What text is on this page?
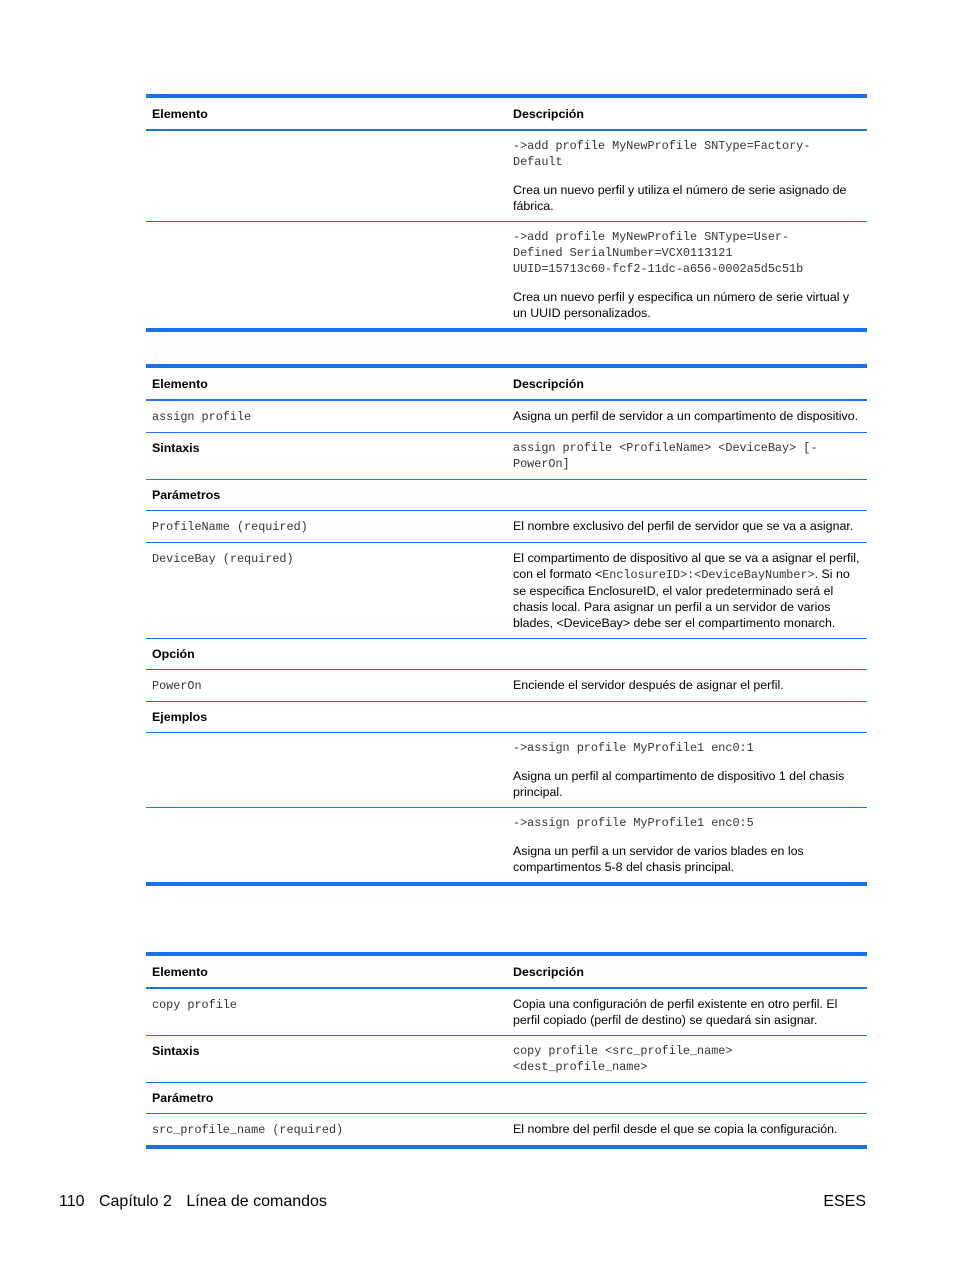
Elemento	Descripción

	->add profile MyNewProfile SNType=Factory-
Default
Crea un nuevo perfil y utiliza el número de serie asignado de fábrica.

	->add profile MyNewProfile SNType=User-
Defined SerialNumber=VCX0113121
UUID=15713c60-fcf2-11dc-a656-0002a5d5c51b
Crea un nuevo perfil y especifica un número de serie virtual y un UUID personalizados.
Elemento	Descripción
assign profile	Asigna un perfil de servidor a un compartimento de dispositivo.
Sintaxis	assign profile <ProfileName> <DeviceBay> [-
PowerOn]

Parámetros	
ProfileName (required)	El nombre exclusivo del perfil de servidor que se va a asignar.
DeviceBay (required)	El compartimento de dispositivo al que se va a asignar el perfil, con el formato <EnclosureID>:<DeviceBayNumber>. Si no se especifica EnclosureID, el valor predeterminado será el chasis local. Para asignar un perfil a un servidor de varios blades, <DeviceBay> debe ser el compartimento monarch.
Opción	
PowerOn	Enciende el servidor después de asignar el perfil.
Ejemplos	

	->assign profile MyProfile1 enc0:1
Asigna un perfil al compartimento de dispositivo 1 del chasis principal.

	->assign profile MyProfile1 enc0:5
Asigna un perfil a un servidor de varios blades en los compartimentos 5-8 del chasis principal.
Elemento	Descripción
copy profile	Copia una configuración de perfil existente en otro perfil. El perfil copiado (perfil de destino) se quedará sin asignar.
Sintaxis	copy profile <src_profile_name>
<dest_profile_name>

Parámetro	
src_profile_name (required)	El nombre del perfil desde el que se copia la configuración.
110 Capítulo 2 Línea de comandos	ESES
